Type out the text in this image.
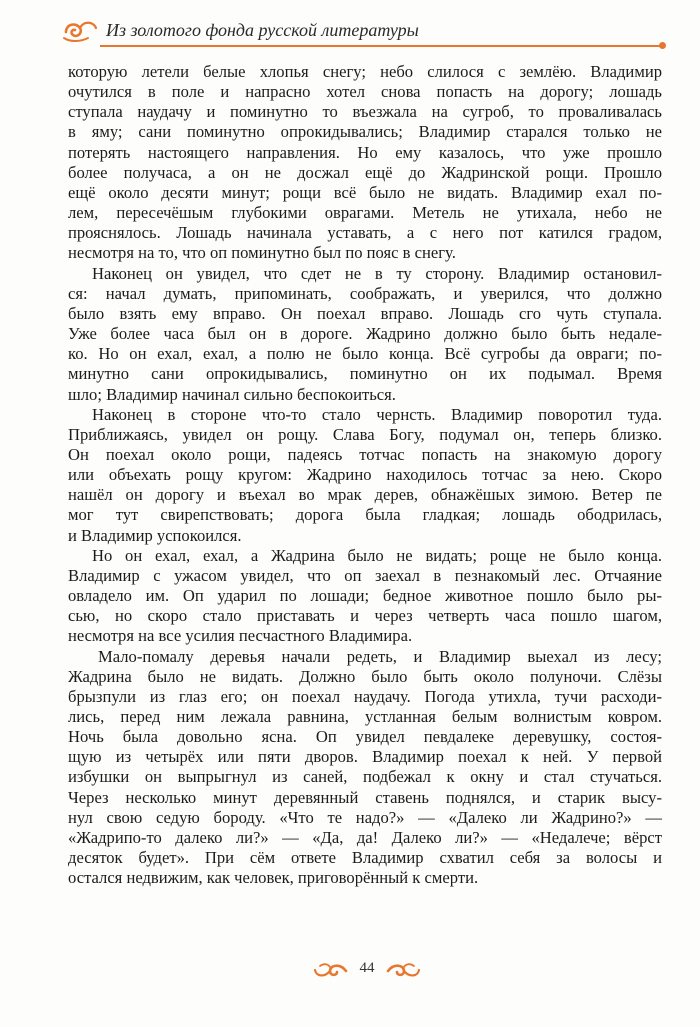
Из золотого фонда русской литературы

которую летели белые хлопья снегу; небо слилося с землёю. Владимир

очутился в поле и напрасно хотел снова попасть на дорогу; лошадь

ступала наудачу и поминутно то въезжала на сугроб, то проваливалась

в яму; сани поминутно опрокидывались; Владимир старался только не

потерять настоящего направления. Но ему казалось, что уже прошло

более получаса, а он не досжал ещё до Жадринской рощи. Прошло

ещё около десяти минут; рощи всё было не видать. Владимир ехал по-

лем, пересечёшым глубокими оврагами. Метель не утихала, небо не

прояснялось. Лошадь начинала уставать, а с него пот катился градом,

несмотря на то, что оп поминутно был по пояс в снегу.

Наконец он увидел, что сдет не в ту сторону. Владимир остановил-

ся: начал думать, припоминать, соображать, и уверился, что должно

было взять ему вправо. Он поехал вправо. Лошадь сго чуть ступала.

Уже более часа был он в дороге. Жадрино должно было быть недале-

ко. Но он ехал, ехал, а полю не было конца. Всё сугробы да овраги; по-

минутно сани опрокидывались, поминутно он их подымал. Время

шло; Владимир начинал сильно беспокоиться.

Наконец в стороне что-то стало чернсть. Владимир поворотил туда.

Приближаясь, увидел он рощу. Слава Богу, подумал он, теперь близко.

Он поехал около рощи, падеясь тотчас попасть на знакомую дорогу

или объехать рощу кругом: Жадрино находилось тотчас за нею. Скоро

нашёл он дорогу и въехал во мрак дерев, обнажёшых зимою. Ветер пе

мог тут свирепствовать; дорога была гладкая; лошадь ободрилась,

и Владимир успокоился.

Но он ехал, ехал, а Жадрина было не видать; роще не было конца.

Владимир с ужасом увидел, что оп заехал в пезнакомый лес. Отчаяние

овладело им. Оп ударил по лошади; бедное животное пошло было ры-

сью, но скоро стало приставать и через четверть часа пошло шагом,

несмотря на все усилия песчастного Владимира.

Мало-помалу деревья начали редеть, и Владимир выехал из лесу;

Жадрина было не видать. Должно было быть около полуночи. Слёзы

брызпули из глаз его; он поехал наудачу. Погода утихла, тучи расходи-

лись, перед ним лежала равнина, устланная белым волнистым ковром.

Ночь была довольно ясна. Оп увидел певдалеке деревушку, состоя-

щую из четырёх или пяти дворов. Владимир поехал к ней. У первой

избушки он выпрыгнул из саней, подбежал к окну и стал стучаться.

Через несколько минут деревянный ставень поднялся, и старик высу-

нул свою седую бороду. «Что те надо?» — «Далеко ли Жадрино?» —

«Жадрипо-то далеко ли?» — «Да, да! Далеко ли?» — «Недалече; вёрст

десяток будет». При сём ответе Владимир схватил себя за волосы и

остался недвижим, как человек, приговорённый к смерти.

44
